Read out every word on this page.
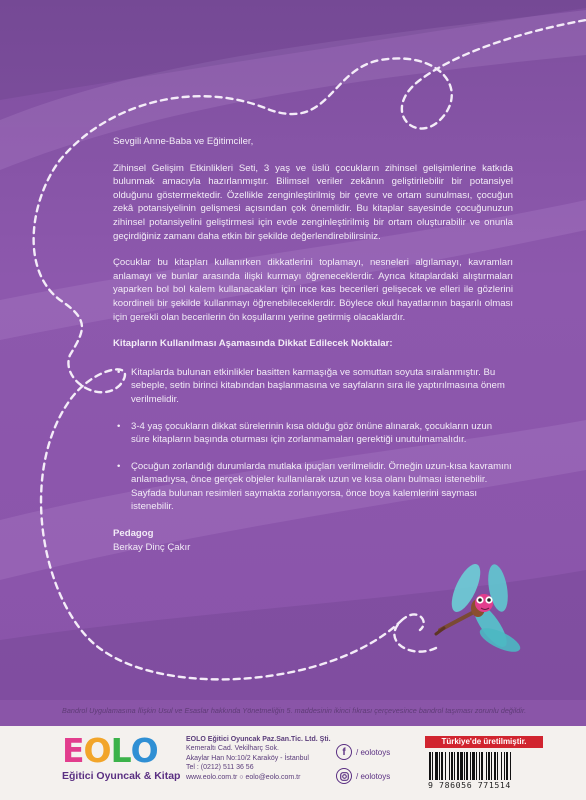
Sevgili Anne-Baba ve Eğitimciler,

Zihinsel Gelişim Etkinlikleri Seti, 3 yaş ve üslü çocukların zihinsel gelişimlerine katkıda bulunmak amacıyla hazırlanmıştır. Bilimsel veriler zekânın geliştirilebilir bir potansiyel olduğunu göstermektedir. Özellikle zenginleştirilmiş bir çevre ve ortam sunulması, çocuğun zekâ potansiyelinin gelişmesi açısından çok önemlidir. Bu kitaplar sayesinde çocuğunuzun zihinsel potansiyelini geliştirmesi için evde zenginleştirilmiş bir ortam oluşturabilir ve onunla geçirdiğiniz zamanı daha etkin bir şekilde değerlendirebilirsiniz.

Çocuklar bu kitapları kullanırken dikkatlerini toplamayı, nesneleri algılamayı, kavramları anlamayı ve bunlar arasında ilişki kurmayı öğreneceklerdir. Ayrıca kitaplardaki alıştırmaları yaparken bol bol kalem kullanacakları için ince kas becerileri gelişecek ve elleri ile gözlerini koordineli bir şekilde kullanmayı öğrenebileceklerdir. Böylece okul hayatlarının başarılı olması için gerekli olan becerilerin ön koşullarını yerine getirmiş olacaklardır.

Kitapların Kullanılması Aşamasında Dikkat Edilecek Noktalar:

• Kitaplarda bulunan etkinlikler basitten karmaşığa ve somuttan soyuta sıralanmıştır. Bu sebeple, setin birinci kitabından başlanmasına ve sayfaların sıra ile yaptırılmasına önem verilmelidir.
• 3-4 yaş çocukların dikkat sürelerinin kısa olduğu göz önüne alınarak, çocukların uzun süre kitapların başında oturması için zorlanmamaları gerektiği unutulmamalıdır.
• Çocuğun zorlandığı durumlarda mutlaka ipuçları verilmelidir. Örneğin uzun-kısa kavramını anlamadıysa, önce gerçek objeler kullanılarak uzun ve kısa olanı bulması istenebilir. Sayfada bulunan resimleri saymakta zorlanıyorsa, önce boya kalemlerini sayması istenebilir.

Pedagog

Berkay Dinç Çakır

Bandrol Uygulamasına İlişkin Usul ve Esaslar hakkında Yönetmeliğin 5. maddesinin ikinci fıkrası çerçevesince bandrol taşıması zorunlu değildir.
E O L O
Eğitici Oyuncak & Kitap
EOLO Eğitici Oyuncak Paz.San.Tic. Ltd. Şti.
Kemeraltı Cad. Vekilharç Sok.
Akaylar Han No:10/2 Karaköy - İstanbul
Tel : (0212) 511 36 56
www.eolo.com.tr ○ eolo@eolo.com.tr
f	/ eolotoys
/ eolotoys
Türkiye'de üretilmiştir.
9 786056 771514
